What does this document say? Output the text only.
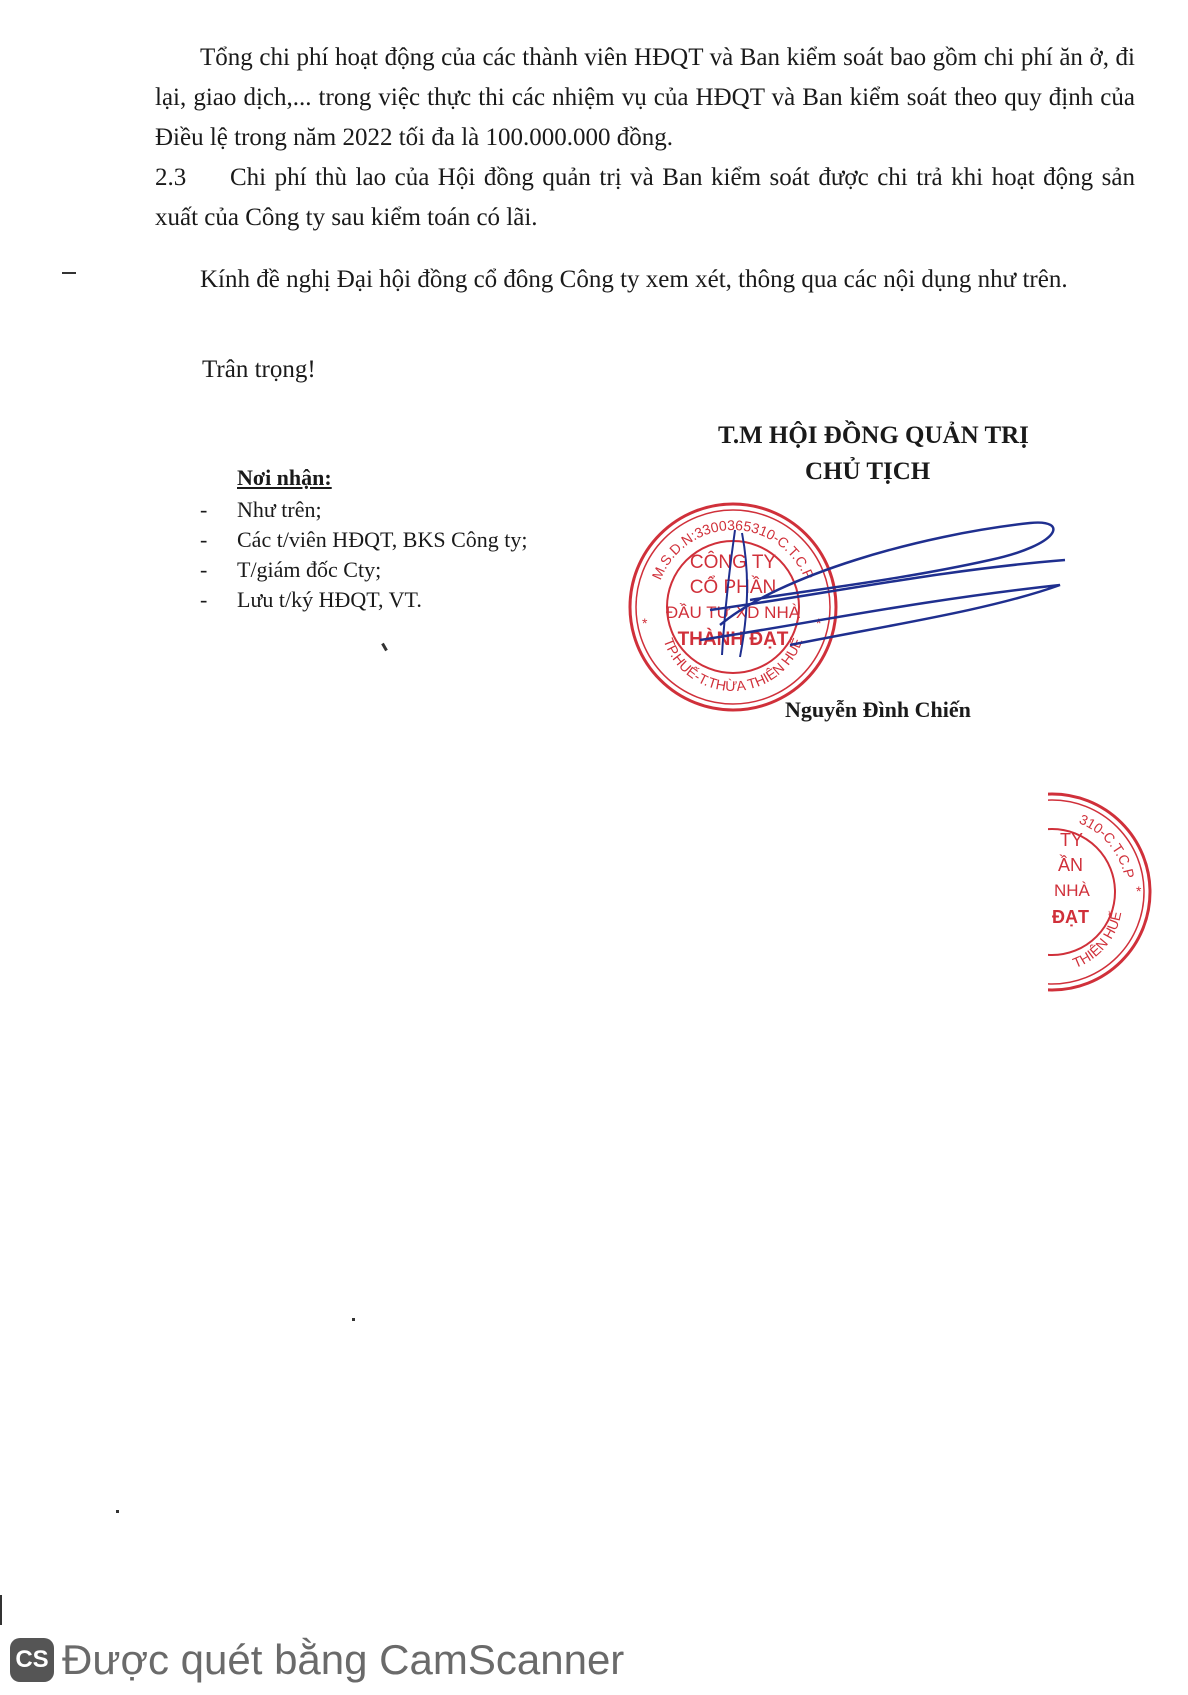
Tổng chi phí hoạt động của các thành viên HĐQT và Ban kiểm soát bao gồm chi phí ăn ở, đi lại, giao dịch,... trong việc thực thi các nhiệm vụ của HĐQT và Ban kiểm soát theo quy định của Điều lệ trong năm 2022 tối đa là 100.000.000 đồng.

2.3 Chi phí thù lao của Hội đồng quản trị và Ban kiểm soát được chi trả khi hoạt động sản xuất của Công ty sau kiểm toán có lãi.

Kính đề nghị Đại hội đồng cổ đông Công ty xem xét, thông qua các nội dụng như trên.

Trân trọng!

T.M HỘI ĐỒNG QUẢN TRỊ

CHỦ TỊCH

Nơi nhận:

- Như trên;
- Các t/viên HĐQT, BKS Công ty;
- T/giám đốc Cty;
- Lưu t/ký HĐQT, VT.
M.S.D.N:3300365310-C.T.C.P
TP.HUẾ-T.THỪA THIÊN HUẾ
*	*
CÔNG TY
CỔ PHẦN
ĐẦU TƯ XD NHÀ
THÀNH ĐẠT

Nguyễn Đình Chiến

310-C.T.C.P
THIÊN HUẾ
*
TY
ẦN
NHÀ
ĐẠT
CS Được quét bằng CamScanner
